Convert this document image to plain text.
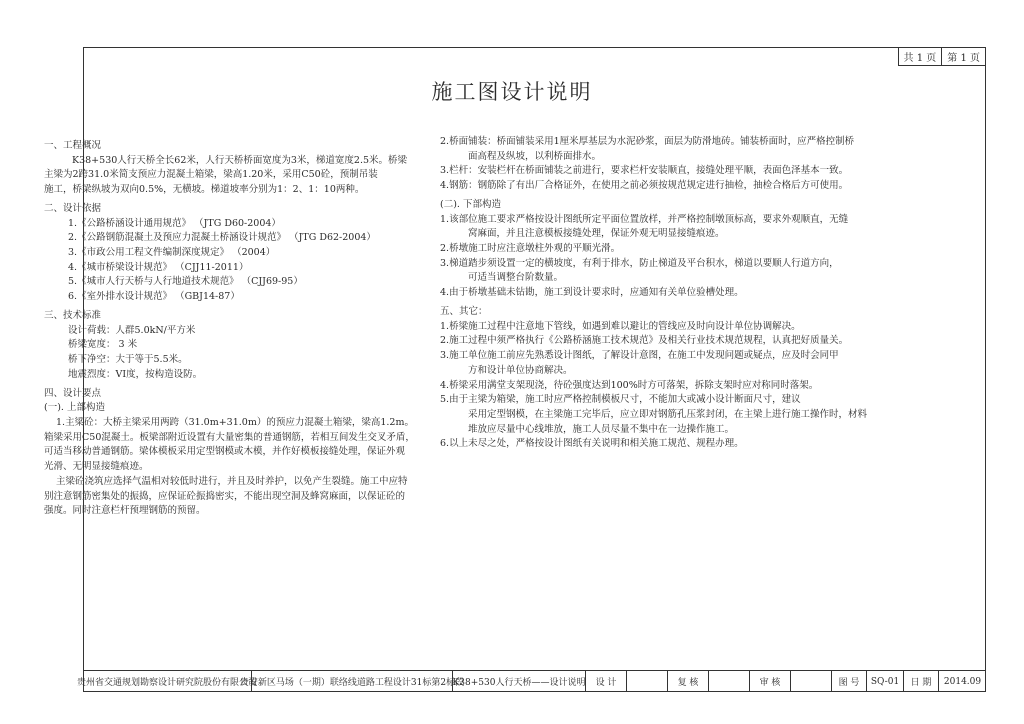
共 1 页	第 1 页
施工图设计说明
一、工程概况
K38+530人行天桥全长62米，人行天桥桥面宽度为3米，梯道宽度2.5米。桥梁
主梁为2跨31.0米简支预应力混凝土箱梁，梁高1.20米，采用C50砼，预制吊装
施工，桥梁纵坡为双向0.5%，无横坡。梯道坡率分别为1：2、1：10两种。
二、设计依据
1.《公路桥涵设计通用规范》 （JTG D60-2004）
2.《公路钢筋混凝土及预应力混凝土桥涵设计规范》 （JTG D62-2004）
3.《市政公用工程文件编制深度规定》 （2004）
4.《城市桥梁设计规范》 （CJJ11-2011）
5.《城市人行天桥与人行地道技术规范》 （CJJ69-95）
6.《室外排水设计规范》 （GBJ14-87）
三、技术标准
设计荷载：人群5.0kN/平方米
桥梁宽度： 3 米
桥下净空：大于等于5.5米。
地震烈度：VI度，按构造设防。
四、设计要点
(一). 上部构造
1.主梁砼：大桥主梁采用两跨（31.0m+31.0m）的预应力混凝土箱梁，梁高1.2m。
箱梁采用C50混凝土。板梁部附近设置有大量密集的普通钢筋，若相互间发生交叉矛盾，
可适当移动普通钢筋。梁体模板采用定型钢模或木模，并作好模板接缝处理，保证外观
光滑、无明显接缝痕迹。
主梁砼浇筑应选择气温相对较低时进行，并且及时养护，以免产生裂缝。施工中应特
别注意钢筋密集处的振捣，应保证砼振捣密实，不能出现空洞及蜂窝麻面，以保证砼的
强度。同时注意栏杆预埋钢筋的预留。
2.桥面铺装：桥面铺装采用1厘米厚基层为水泥砂浆，面层为防滑地砖。铺装桥面时，应严格控制桥
面高程及纵坡，以利桥面排水。
3.栏杆：安装栏杆在桥面铺装之前进行，要求栏杆安装顺直，接缝处理平顺，表面色泽基本一致。
4.钢筋：钢筋除了有出厂合格证外，在使用之前必须按规范规定进行抽检，抽检合格后方可使用。
(二). 下部构造
1.该部位施工要求严格按设计图纸所定平面位置放样，并严格控制墩顶标高，要求外观顺直，无缝
窝麻面，并且注意模板接缝处理，保证外观无明显接缝痕迹。
2.桥墩施工时应注意墩柱外观的平顺光滑。
3.梯道踏步须设置一定的横坡度，有利于排水，防止梯道及平台积水，梯道以要顺人行道方向，
可适当调整台阶数量。
4.由于桥墩基础未钻勘，施工到设计要求时，应通知有关单位验槽处理。
五、其它：
1.桥梁施工过程中注意地下管线，如遇到难以避让的管线应及时向设计单位协调解决。
2.施工过程中须严格执行《公路桥涵施工技术规范》及相关行业技术规范规程，认真把好质量关。
3.施工单位施工前应先熟悉设计图纸，了解设计意图，在施工中发现问题或疑点，应及时会同甲
方和设计单位协商解决。
4.桥梁采用满堂支架现浇，待砼强度达到100%时方可落架，拆除支架时应对称同时落架。
5.由于主梁为箱梁，施工时应严格控制模板尺寸，不能加大或减小设计断面尺寸，建议
采用定型钢模，在主梁施工完毕后，应立即对钢筋孔压浆封闭，在主梁上进行施工操作时，材料
堆放应尽量中心线堆放，施工人员尽量不集中在一边操作施工。
6.以上未尽之处，严格按设计图纸有关说明和相关施工规范、规程办理。
贵州省交通规划勘察设计研究院股份有限公司
贵安新区马场（一期）联络线道路工程设计31标第2标段
K38+530人行天桥——设计说明	设 计	复 核	审 核	图 号	SQ-01	日 期	2014.09
